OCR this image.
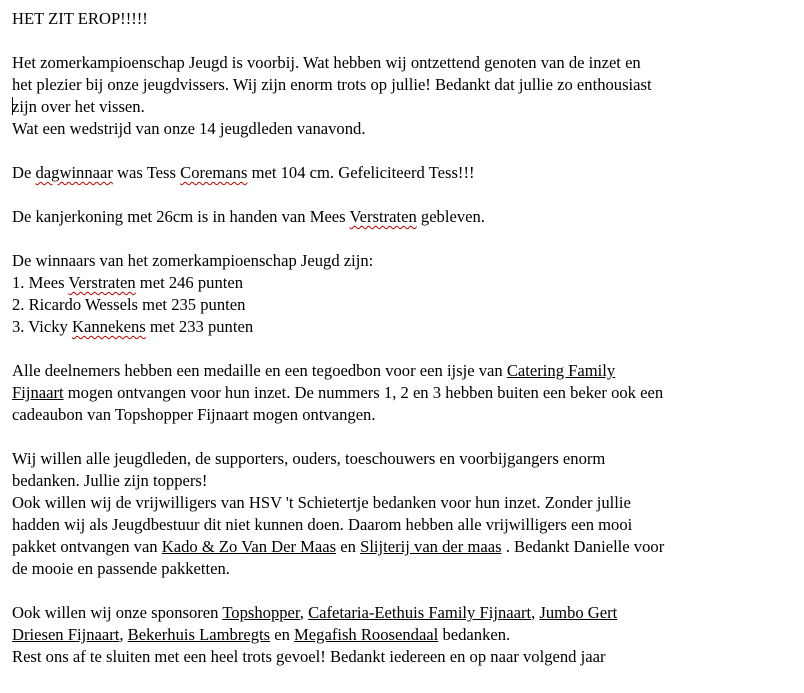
HET ZIT EROP!!!!!
Het zomerkampioenschap Jeugd is voorbij. Wat hebben wij ontzettend genoten van de inzet en
het plezier bij onze jeugdvissers. Wij zijn enorm trots op jullie! Bedankt dat jullie zo enthousiast
zijn over het vissen.
Wat een wedstrijd van onze 14 jeugdleden vanavond.
De dagwinnaar was Tess Coremans met 104 cm. Gefeliciteerd Tess!!!
De kanjerkoning met 26cm is in handen van Mees Verstraten gebleven.
De winnaars van het zomerkampioenschap Jeugd zijn:
1. Mees Verstraten met 246 punten
2. Ricardo Wessels met 235 punten
3. Vicky Kannekens met 233 punten
Alle deelnemers hebben een medaille en een tegoedbon voor een ijsje van Catering Family
Fijnaart mogen ontvangen voor hun inzet. De nummers 1, 2 en 3 hebben buiten een beker ook een
cadeaubon van Topshopper Fijnaart mogen ontvangen.
Wij willen alle jeugdleden, de supporters, ouders, toeschouwers en voorbijgangers enorm
bedanken. Jullie zijn toppers!
Ook willen wij de vrijwilligers van HSV 't Schietertje bedanken voor hun inzet. Zonder jullie
hadden wij als Jeugdbestuur dit niet kunnen doen. Daarom hebben alle vrijwilligers een mooi
pakket ontvangen van Kado & Zo Van Der Maas en Slijterij van der maas . Bedankt Danielle voor
de mooie en passende pakketten.
Ook willen wij onze sponsoren Topshopper, Cafetaria-Eethuis Family Fijnaart, Jumbo Gert
Driesen Fijnaart, Bekerhuis Lambregts en Megafish Roosendaal bedanken.
Rest ons af te sluiten met een heel trots gevoel! Bedankt iedereen en op naar volgend jaar
